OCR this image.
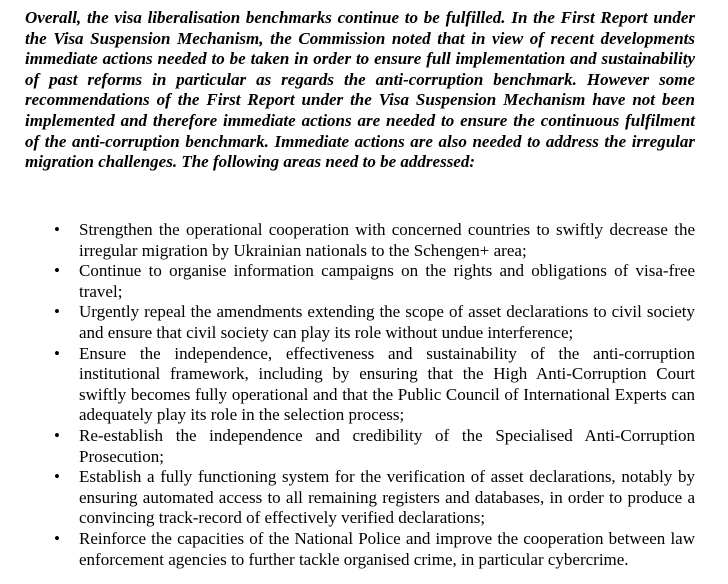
Overall, the visa liberalisation benchmarks continue to be fulfilled. In the First Report under the Visa Suspension Mechanism, the Commission noted that in view of recent developments immediate actions needed to be taken in order to ensure full implementation and sustainability of past reforms in particular as regards the anti-corruption benchmark. However some recommendations of the First Report under the Visa Suspension Mechanism have not been implemented and therefore immediate actions are needed to ensure the continuous fulfilment of the anti-corruption benchmark. Immediate actions are also needed to address the irregular migration challenges. The following areas need to be addressed:

• Strengthen the operational cooperation with concerned countries to swiftly decrease the irregular migration by Ukrainian nationals to the Schengen+ area;
• Continue to organise information campaigns on the rights and obligations of visa-free travel;
• Urgently repeal the amendments extending the scope of asset declarations to civil society and ensure that civil society can play its role without undue interference;
• Ensure the independence, effectiveness and sustainability of the anti-corruption institutional framework, including by ensuring that the High Anti-Corruption Court swiftly becomes fully operational and that the Public Council of International Experts can adequately play its role in the selection process;
• Re-establish the independence and credibility of the Specialised Anti-Corruption Prosecution;
• Establish a fully functioning system for the verification of asset declarations, notably by ensuring automated access to all remaining registers and databases, in order to produce a convincing track-record of effectively verified declarations;
• Reinforce the capacities of the National Police and improve the cooperation between law enforcement agencies to further tackle organised crime, in particular cybercrime.
